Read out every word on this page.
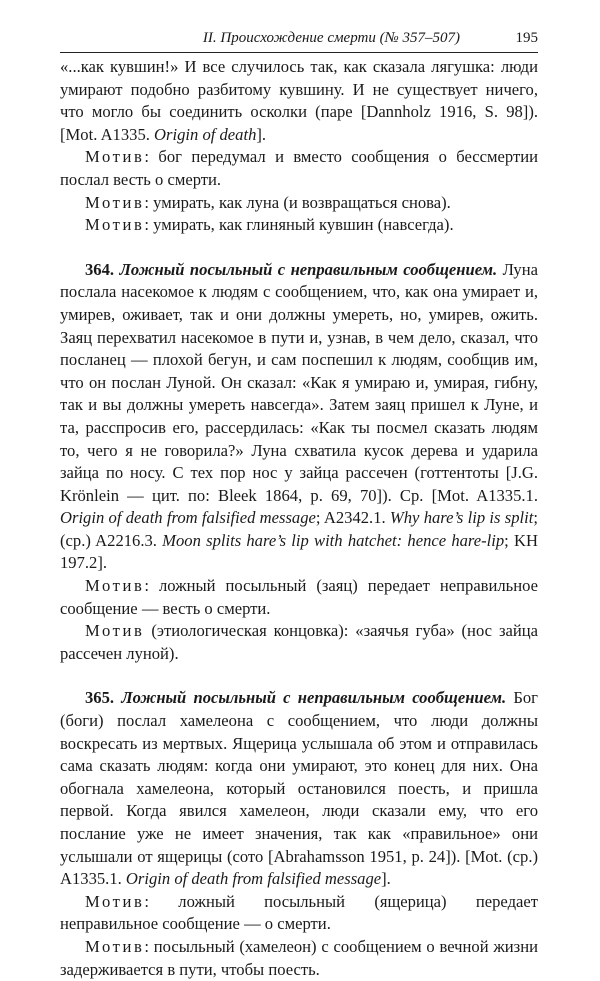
II. Происхождение смерти (№ 357–507)	195

«...как кувшин!» И все случилось так, как сказала лягушка: люди умирают подобно разбитому кувшину. И не существует ничего, что могло бы соединить осколки (паре [Dannholz 1916, S. 98]). [Mot. A1335. Origin of death].

Мотив: бог передумал и вместо сообщения о бессмертии послал весть о смерти.

Мотив: умирать, как луна (и возвращаться снова).

Мотив: умирать, как глиняный кувшин (навсегда).

364. Ложный посыльный с неправильным сообщением. Луна послала насекомое к людям с сообщением, что, как она умирает и, умирев, оживает, так и они должны умереть, но, умирев, ожить. Заяц перехватил насекомое в пути и, узнав, в чем дело, сказал, что посланец — плохой бегун, и сам поспешил к людям, сообщив им, что он послан Луной. Он сказал: «Как я умираю и, умирая, гибну, так и вы должны умереть навсегда». Затем заяц пришел к Луне, и та, расспросив его, рассердилась: «Как ты посмел сказать людям то, чего я не говорила?» Луна схватила кусок дерева и ударила зайца по носу. С тех пор нос у зайца рассечен (готтентоты [J.G. Krönlein — цит. по: Bleek 1864, p. 69, 70]). Ср. [Mot. A1335.1. Origin of death from falsified message; A2342.1. Why hare’s lip is split; (ср.) A2216.3. Moon splits hare’s lip with hatchet: hence hare-lip; KH 197.2].

Мотив: ложный посыльный (заяц) передает неправильное сообщение — весть о смерти.

Мотив (этиологическая концовка): «заячья губа» (нос зайца рассечен луной).

365. Ложный посыльный с неправильным сообщением. Бог (боги) послал хамелеона с сообщением, что люди должны воскресать из мертвых. Ящерица услышала об этом и отправилась сама сказать людям: когда они умирают, это конец для них. Она обогнала хамелеона, который остановился поесть, и пришла первой. Когда явился хамелеон, люди сказали ему, что его послание уже не имеет значения, так как «правильное» они услышали от ящерицы (сото [Abrahamsson 1951, p. 24]). [Mot. (ср.) A1335.1. Origin of death from falsified message].

Мотив: ложный посыльный (ящерица) передает неправильное сообщение — о смерти.

Мотив: посыльный (хамелеон) с сообщением о вечной жизни задерживается в пути, чтобы поесть.
